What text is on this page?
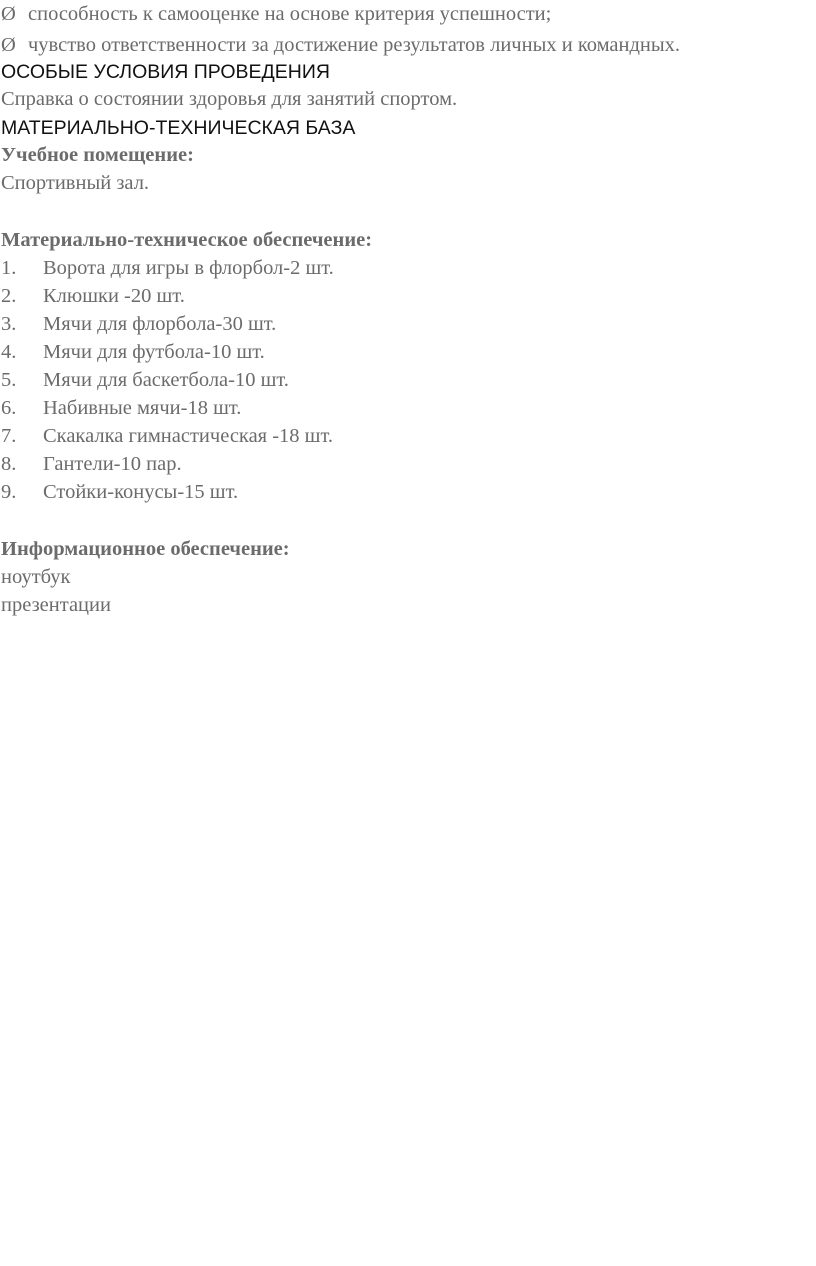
Ø способность к самооценке на основе критерия успешности;
Ø чувство ответственности за достижение результатов личных и командных.
ОСОБЫЕ УСЛОВИЯ ПРОВЕДЕНИЯ
Справка о состоянии здоровья для занятий спортом.
МАТЕРИАЛЬНО-ТЕХНИЧЕСКАЯ БАЗА
Учебное помещение:
Спортивный зал.
Материально-техническое обеспечение:
1. Ворота для игры в флорбол-2 шт.
2. Клюшки -20 шт.
3. Мячи для флорбола-30 шт.
4. Мячи для футбола-10 шт.
5. Мячи для баскетбола-10 шт.
6. Набивные мячи-18 шт.
7. Скакалка гимнастическая -18 шт.
8. Гантели-10 пар.
9. Стойки-конусы-15 шт.
Информационное обеспечение:
ноутбук
презентации
